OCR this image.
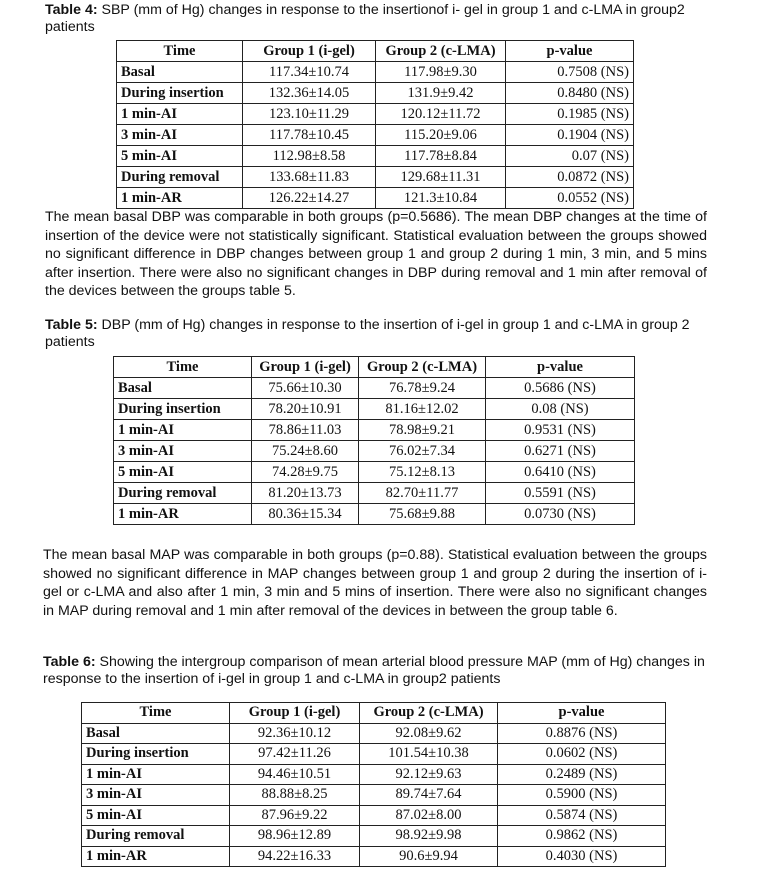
Table 4: SBP (mm of Hg) changes in response to the insertionof i- gel in group 1 and c-LMA in group2 patients
Time	Group 1 (i-gel)	Group 2 (c-LMA)	p-value
Basal	117.34±10.74	117.98±9.30	0.7508 (NS)
During insertion	132.36±14.05	131.9±9.42	0.8480 (NS)
1 min-AI	123.10±11.29	120.12±11.72	0.1985 (NS)
3 min-AI	117.78±10.45	115.20±9.06	0.1904 (NS)
5 min-AI	112.98±8.58	117.78±8.84	0.07 (NS)
During removal	133.68±11.83	129.68±11.31	0.0872 (NS)
1 min-AR	126.22±14.27	121.3±10.84	0.0552 (NS)
The mean basal DBP was comparable in both groups (p=0.5686). The mean DBP changes at the time of insertion of the device were not statistically significant. Statistical evaluation between the groups showed no significant difference in DBP changes between group 1 and group 2 during 1 min, 3 min, and 5 mins after insertion. There were also no significant changes in DBP during removal and 1 min after removal of the devices between the groups table 5.
Table 5: DBP (mm of Hg) changes in response to the insertion of i-gel in group 1 and c-LMA in group 2 patients
Time	Group 1 (i-gel)	Group 2 (c-LMA)	p-value
Basal	75.66±10.30	76.78±9.24	0.5686 (NS)
During insertion	78.20±10.91	81.16±12.02	0.08 (NS)
1 min-AI	78.86±11.03	78.98±9.21	0.9531 (NS)
3 min-AI	75.24±8.60	76.02±7.34	0.6271 (NS)
5 min-AI	74.28±9.75	75.12±8.13	0.6410 (NS)
During removal	81.20±13.73	82.70±11.77	0.5591 (NS)
1 min-AR	80.36±15.34	75.68±9.88	0.0730 (NS)
The mean basal MAP was comparable in both groups (p=0.88). Statistical evaluation between the groups showed no significant difference in MAP changes between group 1 and group 2 during the insertion of i-gel or c-LMA and also after 1 min, 3 min and 5 mins of insertion. There were also no significant changes in MAP during removal and 1 min after removal of the devices in between the group table 6.
Table 6: Showing the intergroup comparison of mean arterial blood pressure MAP (mm of Hg) changes in response to the insertion of i-gel in group 1 and c-LMA in group2 patients
Time	Group 1 (i-gel)	Group 2 (c-LMA)	p-value
Basal	92.36±10.12	92.08±9.62	0.8876 (NS)
During insertion	97.42±11.26	101.54±10.38	0.0602 (NS)
1 min-AI	94.46±10.51	92.12±9.63	0.2489 (NS)
3 min-AI	88.88±8.25	89.74±7.64	0.5900 (NS)
5 min-AI	87.96±9.22	87.02±8.00	0.5874 (NS)
During removal	98.96±12.89	98.92±9.98	0.9862 (NS)
1 min-AR	94.22±16.33	90.6±9.94	0.4030 (NS)
